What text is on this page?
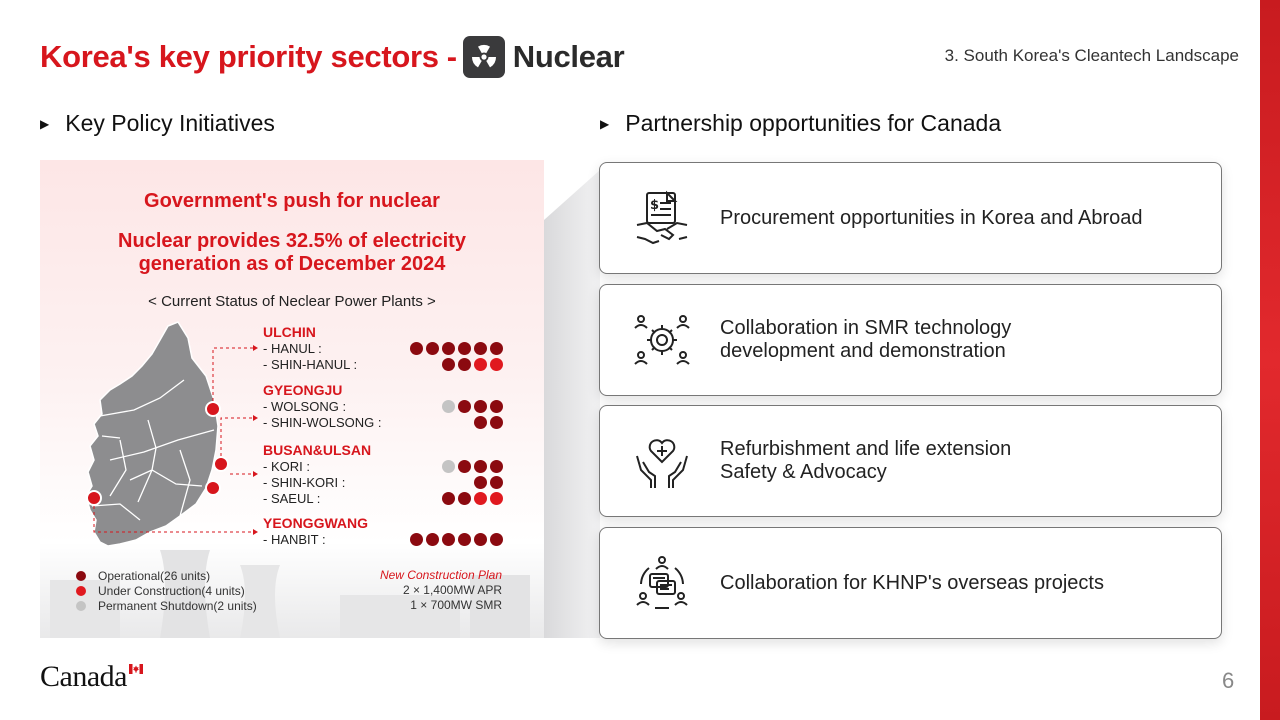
Korea's key priority sectors - Nuclear	3. South Korea's Cleantech Landscape
▶ Key Policy Initiatives	▶ Partnership opportunities for Canada
Government's push for nuclear
Nuclear provides 32.5% of electricity
generation as of December 2024
< Current Status of Neclear Power Plants >
ULCHIN
- HANUL :
- SHIN-HANUL :
GYEONGJU
- WOLSONG :
- SHIN-WOLSONG :
BUSAN&ULSAN
- KORI :
- SHIN-KORI :
- SAEUL :
YEONGGWANG
- HANBIT :
Operational(26 units)
Under Construction(4 units)
Permanent Shutdown(2 units)
New Construction Plan
2 × 1,400MW APR
1 × 700MW SMR
$
Procurement opportunities in Korea and Abroad
Collaboration in SMR technology
development and demonstration
Refurbishment and life extension
Safety & Advocacy
Collaboration for KHNP's overseas projects
Canada	6
